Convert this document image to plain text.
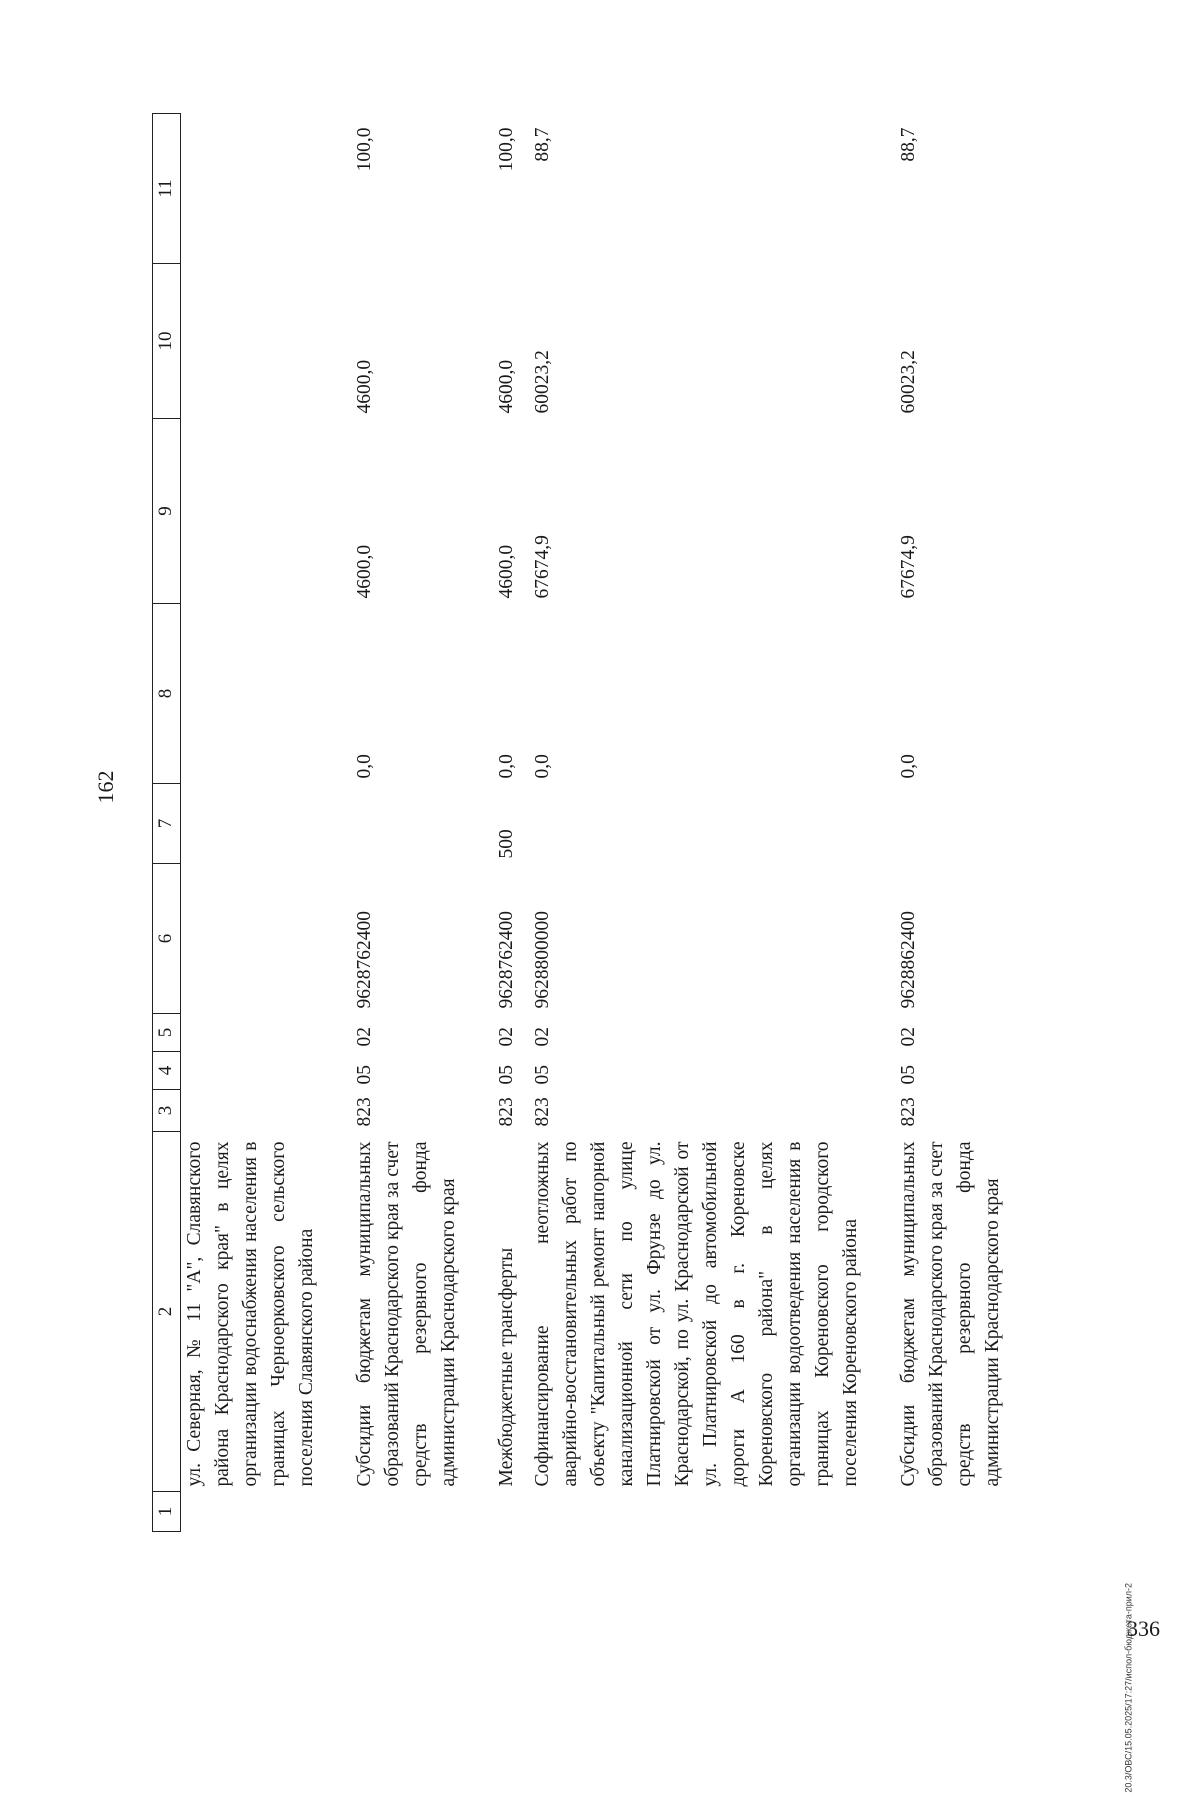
162
1	2	3	4	5	6	7	8	9	10	11
	ул. Северная, № 11 "А", Славянского района Краснодарского края" в целях организации водоснабжения населения в границах Черноерковского сельского поселения Славянского района									
	Субсидии бюджетам муниципальных образований Краснодарского края за счет средств резервного фонда администрации Краснодарского края	823	05	02	9628762400		0,0	4600,0	4600,0	100,0
	Межбюджетные трансферты	823	05	02	9628762400	500	0,0	4600,0	4600,0	100,0
	Софинансирование неотложных аварийно-восстановительных работ по объекту "Капитальный ремонт напорной канализационной сети по улице Платнировской от ул. Фрунзе до ул. Краснодарской, по ул. Краснодарской от ул. Платнировской до автомобильной дороги А 160 в г. Кореновске Кореновского района" в целях организации водоотведения населения в границах Кореновского городского поселения Кореновского района	823	05	02	9628800000		0,0	67674,9	60023,2	88,7
	Субсидии бюджетам муниципальных образований Краснодарского края за счет средств резервного фонда администрации Краснодарского края	823	05	02	9628862400		0,0	67674,9	60023,2	88,7
20.3/ОВС/15.05.2025/17:27/испол-бюджета-прил-2
336
